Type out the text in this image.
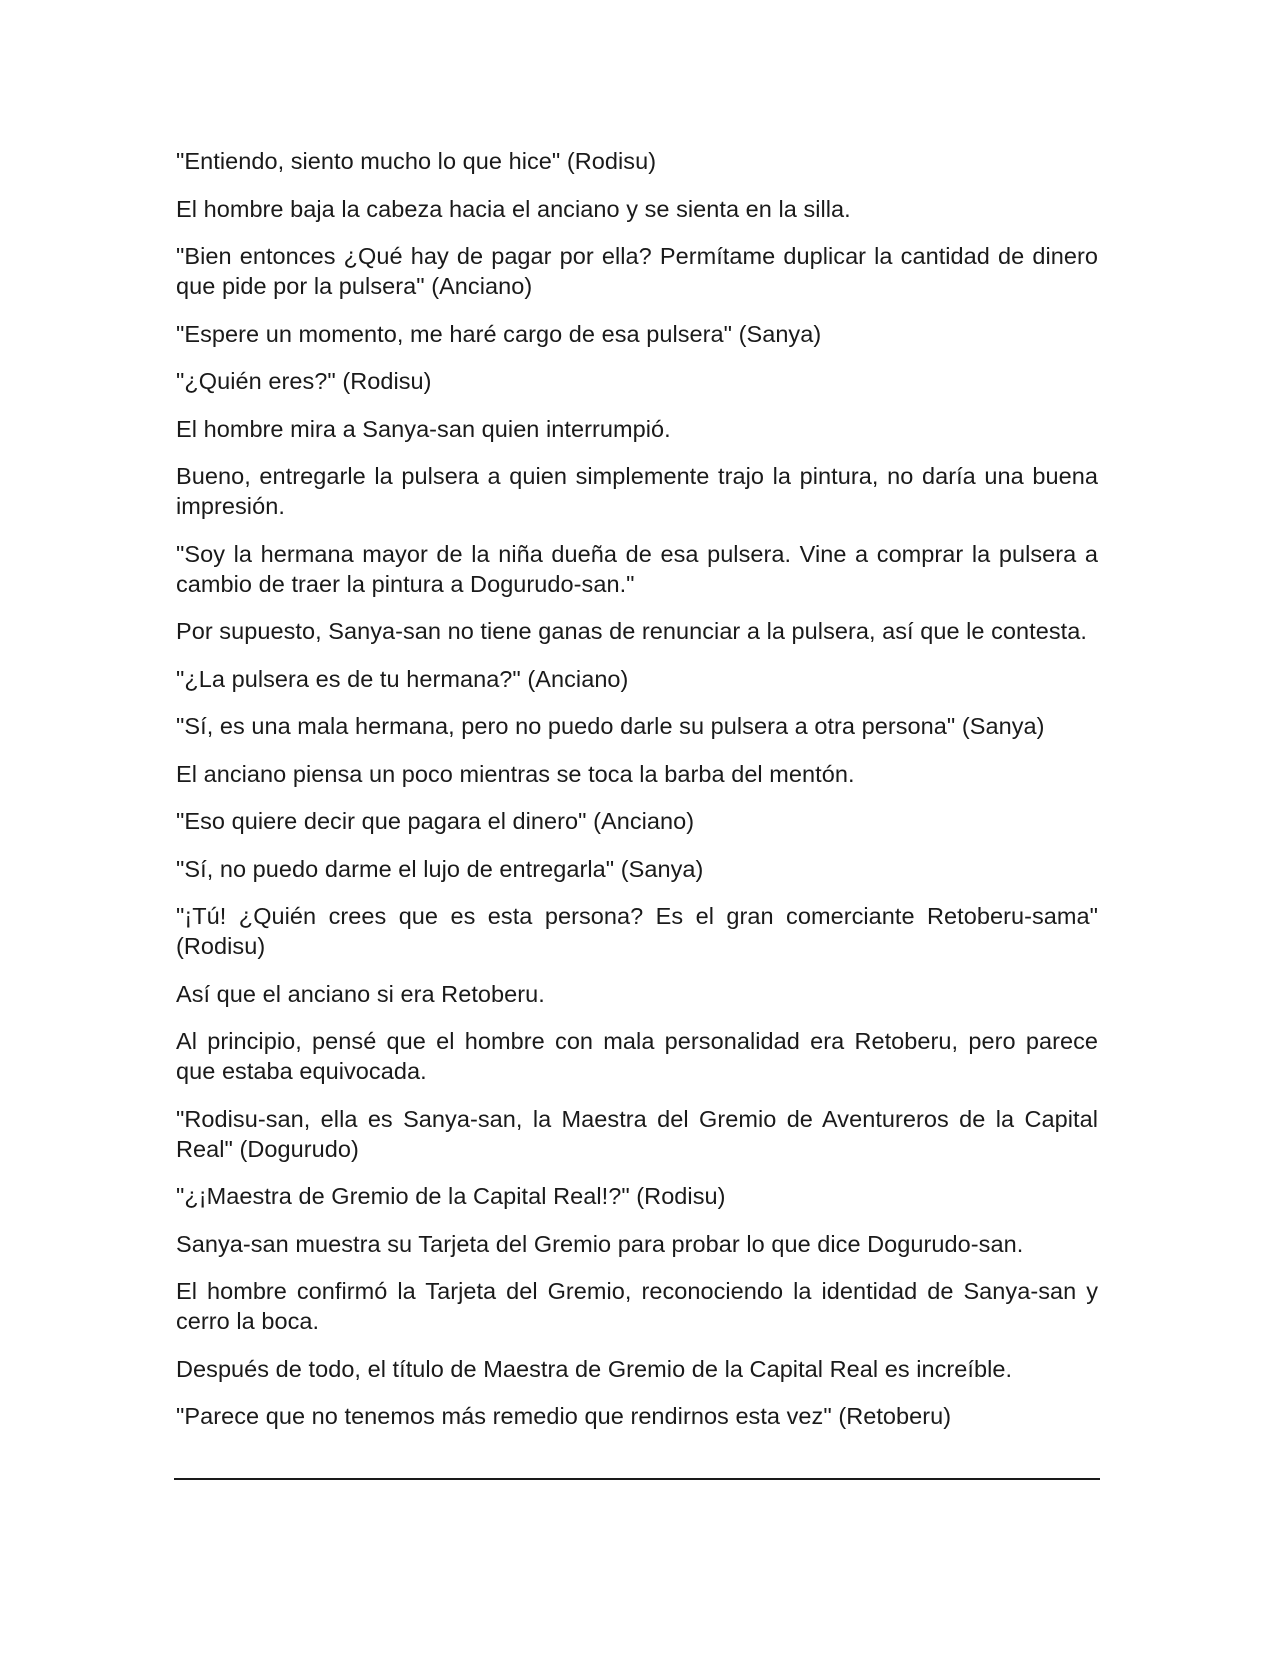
"Entiendo, siento mucho lo que hice" (Rodisu)

El hombre baja la cabeza hacia el anciano y se sienta en la silla.

"Bien entonces ¿Qué hay de pagar por ella? Permítame duplicar la cantidad de dinero que pide por la pulsera" (Anciano)

"Espere un momento, me haré cargo de esa pulsera" (Sanya)

"¿Quién eres?" (Rodisu)

El hombre mira a Sanya-san quien interrumpió.

Bueno, entregarle la pulsera a quien simplemente trajo la pintura, no daría una buena impresión.

"Soy la hermana mayor de la niña dueña de esa pulsera. Vine a comprar la pulsera a cambio de traer la pintura a Dogurudo-san."

Por supuesto, Sanya-san no tiene ganas de renunciar a la pulsera, así que le contesta.

"¿La pulsera es de tu hermana?" (Anciano)

"Sí, es una mala hermana, pero no puedo darle su pulsera a otra persona" (Sanya)

El anciano piensa un poco mientras se toca la barba del mentón.

"Eso quiere decir que pagara el dinero" (Anciano)

"Sí, no puedo darme el lujo de entregarla" (Sanya)

"¡Tú! ¿Quién crees que es esta persona? Es el gran comerciante Retoberu-sama" (Rodisu)

Así que el anciano si era Retoberu.

Al principio, pensé que el hombre con mala personalidad era Retoberu, pero parece que estaba equivocada.

"Rodisu-san, ella es Sanya-san, la Maestra del Gremio de Aventureros de la Capital Real" (Dogurudo)

"¿¡Maestra de Gremio de la Capital Real!?" (Rodisu)

Sanya-san muestra su Tarjeta del Gremio para probar lo que dice Dogurudo-san.

El hombre confirmó la Tarjeta del Gremio, reconociendo la identidad de Sanya-san y cerro la boca.

Después de todo, el título de Maestra de Gremio de la Capital Real es increíble.

"Parece que no tenemos más remedio que rendirnos esta vez" (Retoberu)
